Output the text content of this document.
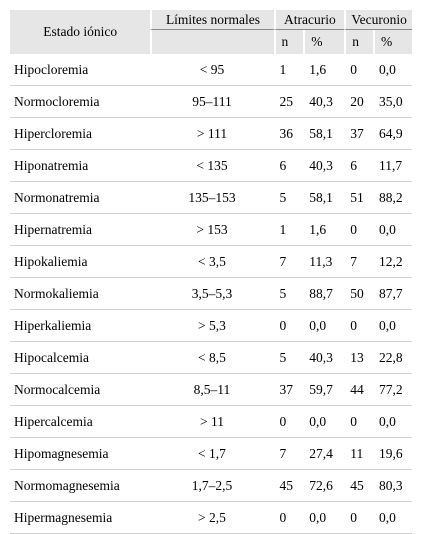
Estado iónico	Límites normales	Atracurio		Vecuronio	
		n	%	n	%
Hipocloremia	< 95	1	1,6	0	0,0
Normocloremia	95–111	25	40,3	20	35,0
Hipercloremia	> 111	36	58,1	37	64,9
Hiponatremia	< 135	6	40,3	6	11,7
Normonatremia	135–153	5	58,1	51	88,2
Hipernatremia	> 153	1	1,6	0	0,0
Hipokaliemia	< 3,5	7	11,3	7	12,2
Normokaliemia	3,5–5,3	5	88,7	50	87,7
Hiperkaliemia	> 5,3	0	0,0	0	0,0
Hipocalcemia	< 8,5	5	40,3	13	22,8
Normocalcemia	8,5–11	37	59,7	44	77,2
Hipercalcemia	> 11	0	0,0	0	0,0
Hipomagnesemia	< 1,7	7	27,4	11	19,6
Normomagnesemia	1,7–2,5	45	72,6	45	80,3
Hipermagnesemia	> 2,5	0	0,0	0	0,0
